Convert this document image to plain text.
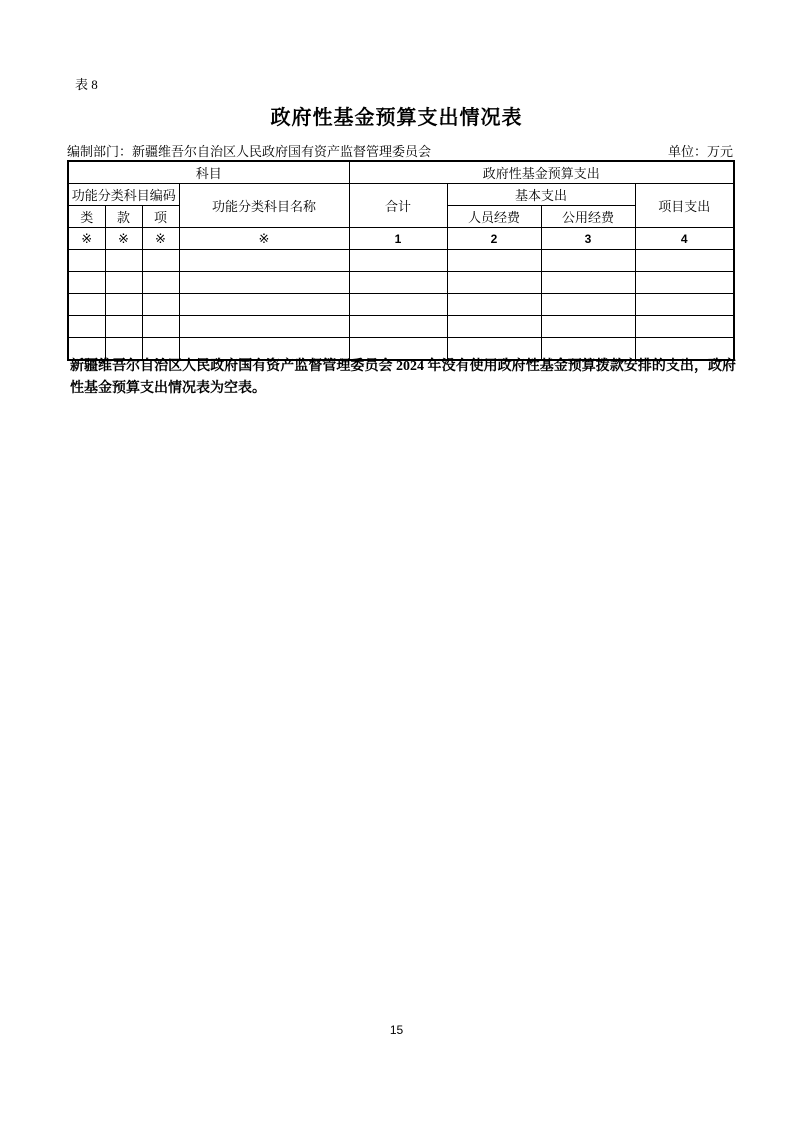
表 8
政府性基金预算支出情况表
编制部门：新疆维吾尔自治区人民政府国有资产监督管理委员会	单位：万元
科目				政府性基金预算支出			
功能分类科目编码			功能分类科目名称	合计	基本支出		项目支出
类	款	项			人员经费	公用经费	
※	※	※	※	1	2	3	4

新疆维吾尔自治区人民政府国有资产监督管理委员会 2024 年没有使用政府性基金预算拨款安排的支出，政府性基金预算支出情况表为空表。
15
